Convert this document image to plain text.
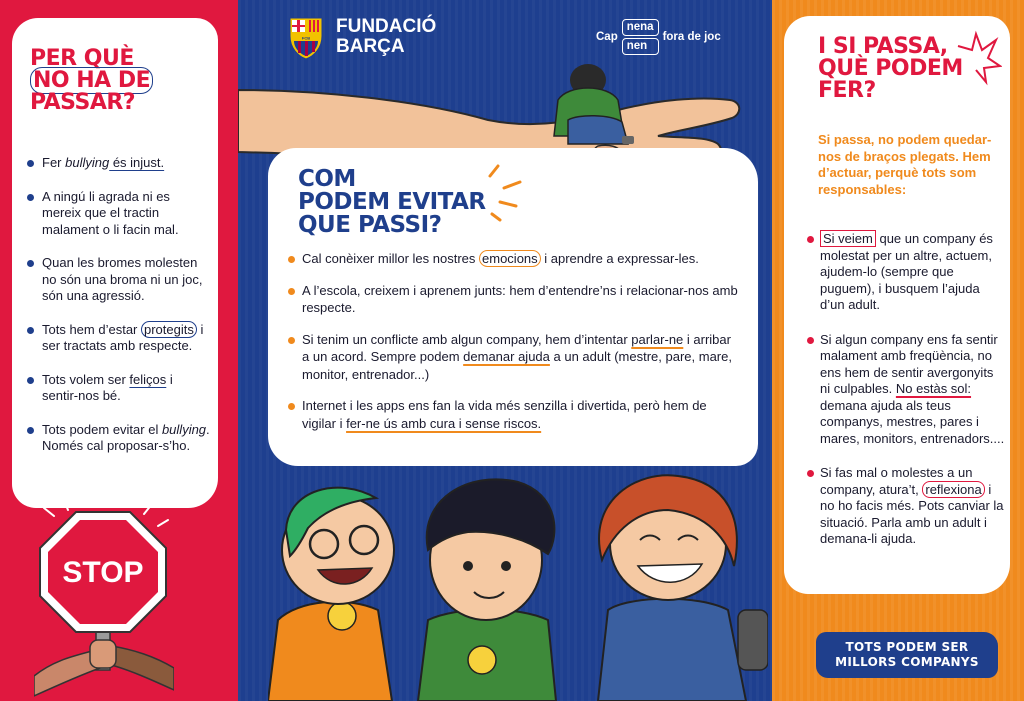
PER QUÈ
NO HA DE
PASSAR?
Fer bullying és injust.
A ningú li agrada ni es mereix que el tractin malament o li facin mal.
Quan les bromes molesten no són una broma ni un joc, són una agressió.
Tots hem d’estar protegits i ser tractats amb respecte.
Tots volem ser feliços i sentir-nos bé.
Tots podem evitar el bullying. Només cal proposar-s’ho.
STOP
FCB
FUNDACIÓ
BARÇA	Cap
nena
nen
fora de joc
COM
PODEM EVITAR
QUE PASSI?
Cal conèixer millor les nostres emocions i aprendre a expressar-les.
A l’escola, creixem i aprenem junts: hem d’entendre’ns i relacionar-nos amb respecte.
Si tenim un conflicte amb algun company, hem d’intentar parlar-ne i arribar a un acord. Sempre podem demanar ajuda a un adult (mestre, pare, mare, monitor, entrenador...)
Internet i les apps ens fan la vida més senzilla i divertida, però hem de vigilar i fer-ne ús amb cura i sense riscos.
I SI PASSA,
QUÈ PODEM
FER?
Si passa, no podem quedar-nos de braços plegats. Hem d’actuar, perquè tots som responsables:
Si veiem que un company és molestat per un altre, actuem, ajudem-lo (sempre que puguem), i busquem l’ajuda d’un adult.
Si algun company ens fa sentir malament amb freqüència, no ens hem de sentir avergonyits ni culpables. No estàs sol: demana ajuda als teus companys, mestres, pares i mares, monitors, entrenadors....
Si fas mal o molestes a un company, atura’t, reflexiona i no ho facis més. Pots canviar la situació. Parla amb un adult i demana-li ajuda.
TOTS PODEM SER
MILLORS COMPANYS
